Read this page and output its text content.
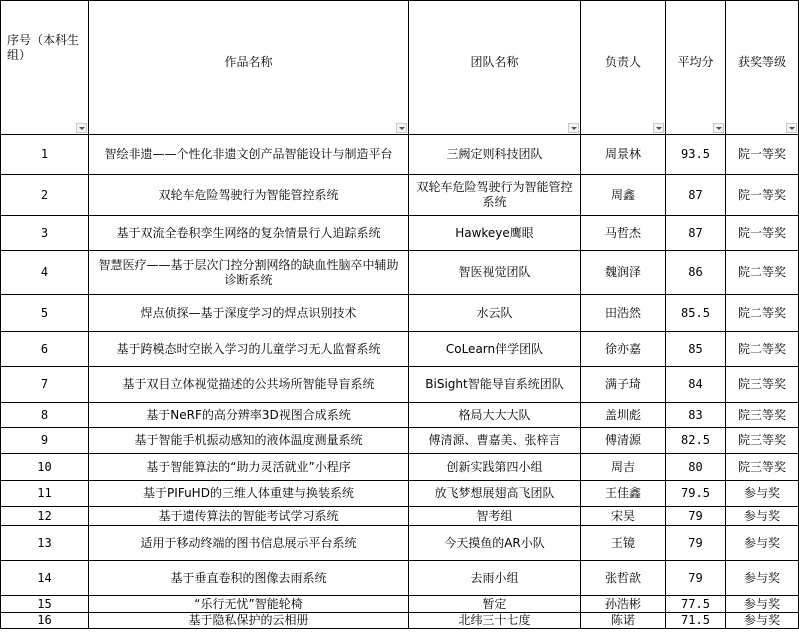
序号（本科生组）	作品名称	团队名称	负责人	平均分	获奖等级

1	智绘非遗——个性化非遗文创产品智能设计与制造平台	三阙定则科技团队	周景林	93.5	院一等奖
2	双轮车危险驾驶行为智能管控系统	双轮车危险驾驶行为智能管控系统	周鑫	87	院一等奖
3	基于双流全卷积孪生网络的复杂情景行人追踪系统	Hawkeye鹰眼	马哲杰	87	院一等奖
4	智慧医疗——基于层次门控分割网络的缺血性脑卒中辅助诊断系统	智医视觉团队	魏润泽	86	院二等奖
5	焊点侦探—基于深度学习的焊点识别技术	水云队	田浩然	85.5	院二等奖
6	基于跨模态时空嵌入学习的儿童学习无人监督系统	CoLearn伴学团队	徐亦嘉	85	院二等奖
7	基于双目立体视觉描述的公共场所智能导盲系统	BiSight智能导盲系统团队	满子琦	84	院三等奖
8	基于NeRF的高分辨率3D视图合成系统	格局大大大队	盖圳彪	83	院三等奖
9	基于智能手机振动感知的液体温度测量系统	傅清源、曹嘉美、张梓言	傅清源	82.5	院三等奖
10	基于智能算法的“助力灵活就业”小程序	创新实践第四小组	周吉	80	院三等奖
11	基于PIFuHD的三维人体重建与换装系统	放飞梦想展翅高飞团队	王佳鑫	79.5	参与奖
12	基于遗传算法的智能考试学习系统	智考组	宋昊	79	参与奖
13	适用于移动终端的图书信息展示平台系统	今天摸鱼的AR小队	王镜	79	参与奖
14	基于垂直卷积的图像去雨系统	去雨小组	张哲歆	79	参与奖
15	“乐行无忧”智能轮椅	暂定	孙浩彬	77.5	参与奖
16	基于隐私保护的云相册	北纬三十七度	陈诺	71.5	参与奖
